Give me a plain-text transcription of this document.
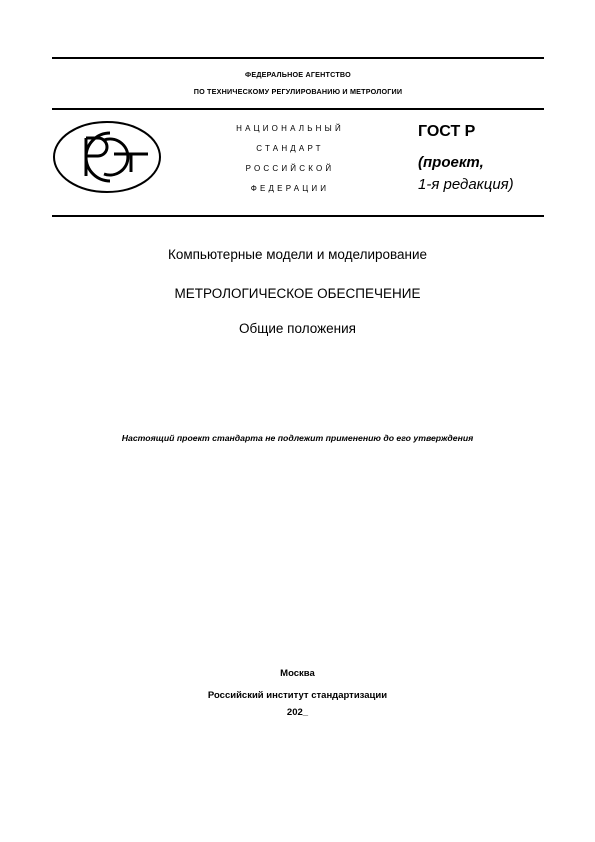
ФЕДЕРАЛЬНОЕ АГЕНТСТВО
ПО ТЕХНИЧЕСКОМУ РЕГУЛИРОВАНИЮ И МЕТРОЛОГИИ
НАЦИОНАЛЬНЫЙ
СТАНДАРТ
РОССИЙСКОЙ
ФЕДЕРАЦИИ
ГОСТ Р
(проект,
1-я редакция)
Компьютерные модели и моделирование
МЕТРОЛОГИЧЕСКОЕ ОБЕСПЕЧЕНИЕ
Общие положения
Настоящий проект стандарта не подлежит применению до его утверждения
Москва
Российский институт стандартизации
202_
